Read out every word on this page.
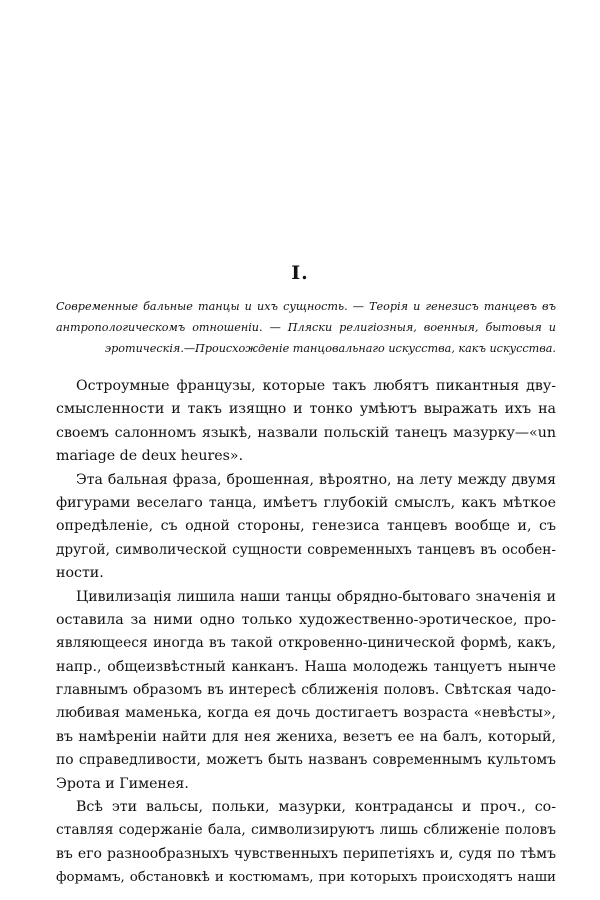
I.
Современные бальные танцы и ихъ сущность. — Теорія и генезисъ танцевъ въ антропологическомъ отношеніи. — Пляски религіозныя, военныя, бытовыя и эротическія.—Происхожденіе танцовальнаго искусства, какъ искусства.
Остроумные французы, которые такъ любятъ пикантныя дву-
смысленности и такъ изящно и тонко умѣютъ выражать ихъ на
своемъ салонномъ языкѣ, назвали польскій танецъ мазурку—«un
mariage de deux heures».
Эта бальная фраза, брошенная, вѣроятно, на лету между двумя
фигурами веселаго танца, имѣетъ глубокій смыслъ, какъ мѣткое
опредѣленіе, съ одной стороны, генезиса танцевъ вообще и, съ
другой, символической сущности современныхъ танцевъ въ особен-
ности.
Цивилизація лишила наши танцы обрядно-бытоваго значенія и
оставила за ними одно только художественно-эротическое, про-
являющееся иногда въ такой откровенно-цинической формѣ, какъ,
напр., общеизвѣстный канканъ. Наша молодежь танцуетъ нынче
главнымъ образомъ въ интересѣ сближенія половъ. Свѣтская чадо-
любивая маменька, когда ея дочь достигаетъ возраста «невѣсты»,
въ намѣреніи найти для нея жениха, везетъ ее на балъ, который,
по справедливости, можетъ быть названъ современнымъ культомъ
Эрота и Гименея.
Всѣ эти вальсы, польки, мазурки, контрадансы и проч., со-
ставляя содержаніе бала, символизируютъ лишь сближеніе половъ
въ его разнообразныхъ чувственныхъ перипетіяхъ и, судя по тѣмъ
формамъ, обстановкѣ и костюмамъ, при которыхъ происходятъ наши
